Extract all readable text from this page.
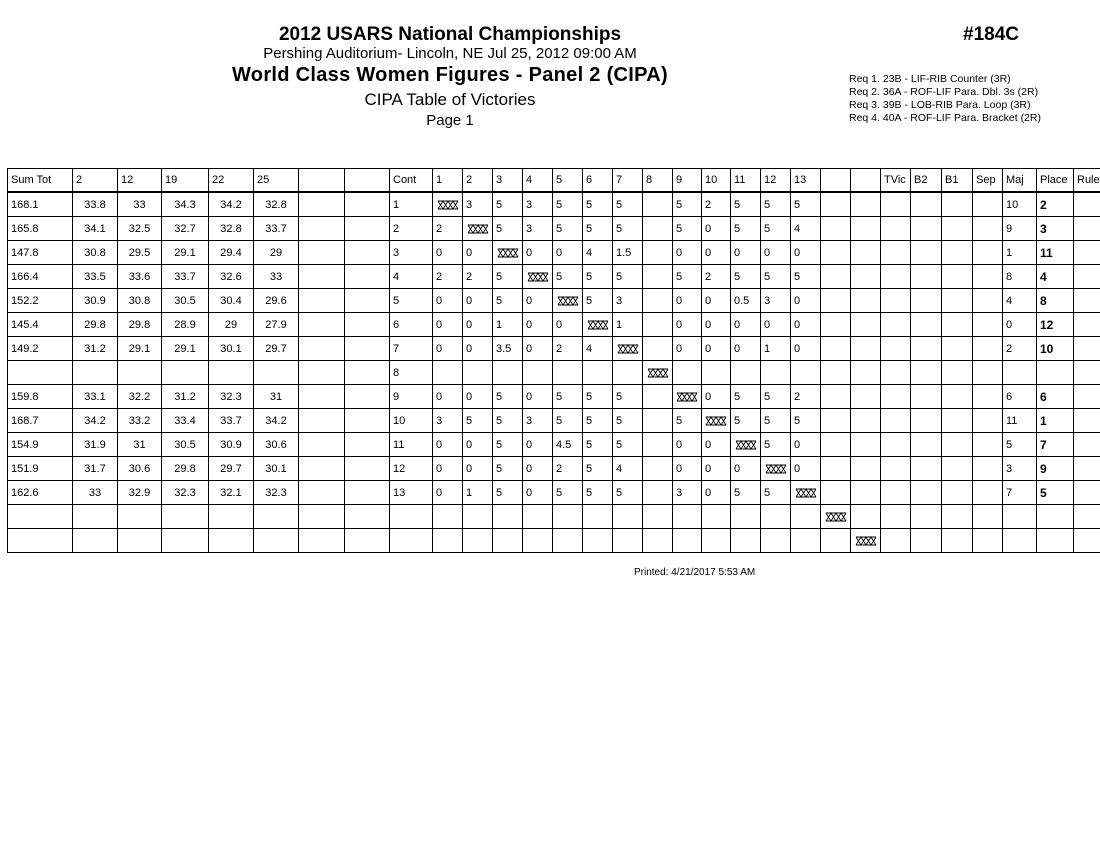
2012 USARS National Championships
Pershing Auditorium- Lincoln, NE Jul 25, 2012 09:00 AM
World Class Women Figures - Panel 2 (CIPA)
CIPA Table of Victories
Page 1
#184C
Req 1. 23B - LIF-RIB Counter (3R)
Req 2. 36A - ROF-LIF Para. Dbl. 3s (2R)
Req 3. 39B - LOB-RIB Para. Loop (3R)
Req 4. 40A - ROF-LIF Para. Bracket (2R)
Sum Tot	2	12	19	22	25			Cont	1	2	3	4	5	6	7	8	9	10	11	12	13			TVic	B2	B1	Sep	Maj	Place	Rule
168.1	33.8	33	34.3	34.2	32.8			1		3	5	3	5	5	5		5	2	5	5	5							10	2	
165.8	34.1	32.5	32.7	32.8	33.7			2	2		5	3	5	5	5		5	0	5	5	4							9	3	
147.8	30.8	29.5	29.1	29.4	29			3	0	0		0	0	4	1.5		0	0	0	0	0							1	11	
166.4	33.5	33.6	33.7	32.6	33			4	2	2	5		5	5	5		5	2	5	5	5							8	4	
152.2	30.9	30.8	30.5	30.4	29.6			5	0	0	5	0		5	3		0	0	0.5	3	0							4	8	
145.4	29.8	29.8	28.9	29	27.9			6	0	0	1	0	0		1		0	0	0	0	0							0	12	
149.2	31.2	29.1	29.1	30.1	29.7			7	0	0	3.5	0	2	4			0	0	0	1	0							2	10	
								8								

159.8	33.1	32.2	31.2	32.3	31			9	0	0	5	0	5	5	5			0	5	5	2							6	6	
168.7	34.2	33.2	33.4	33.7	34.2			10	3	5	5	3	5	5	5		5		5	5	5							11	1	
154.9	31.9	31	30.5	30.9	30.6			11	0	0	5	0	4.5	5	5		0	0		5	0							5	7	
151.9	31.7	30.6	29.8	29.7	30.1			12	0	0	5	0	2	5	4		0	0	0		0							3	9	
162.6	33	32.9	32.3	32.1	32.3			13	0	1	5	0	5	5	5		3	0	5	5								7	5	

Printed: 4/21/2017 5:53 AM
